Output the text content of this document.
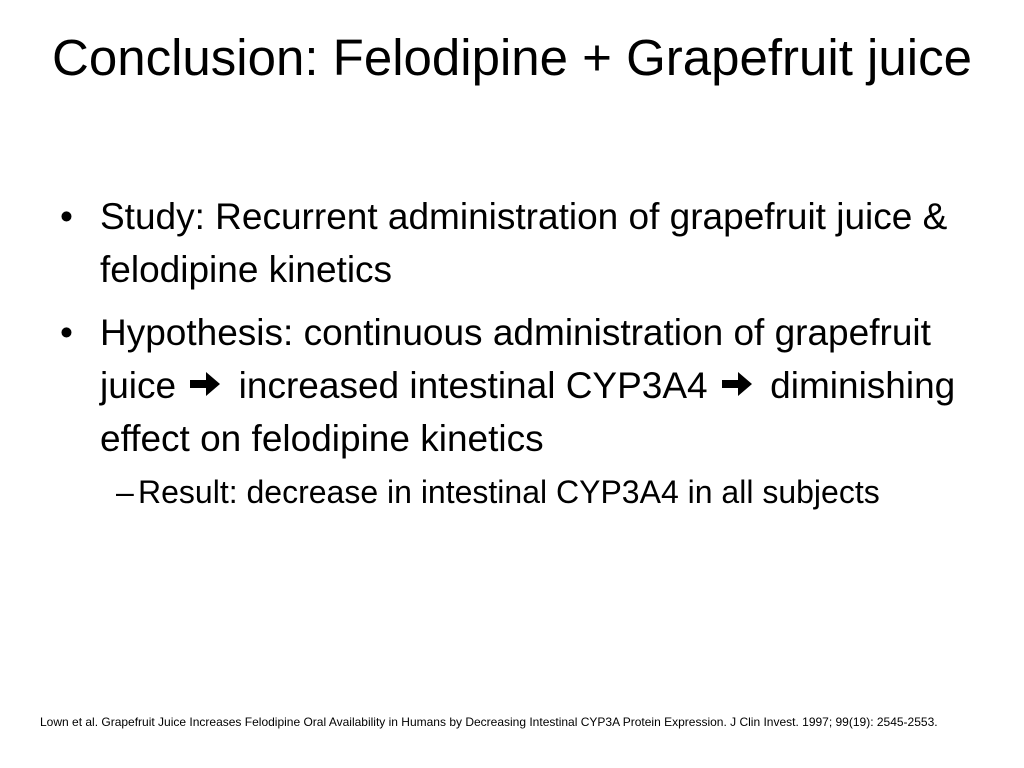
Conclusion: Felodipine + Grapefruit juice
• Study: Recurrent administration of grapefruit juice & felodipine kinetics
• Hypothesis: continuous administration of grapefruit juice increased intestinal CYP3A4 diminishing effect on felodipine kinetics
– Result: decrease in intestinal CYP3A4 in all subjects

Lown et al. Grapefruit Juice Increases Felodipine Oral Availability in Humans by Decreasing Intestinal CYP3A Protein Expression. J Clin Invest. 1997; 99(19): 2545-2553.
